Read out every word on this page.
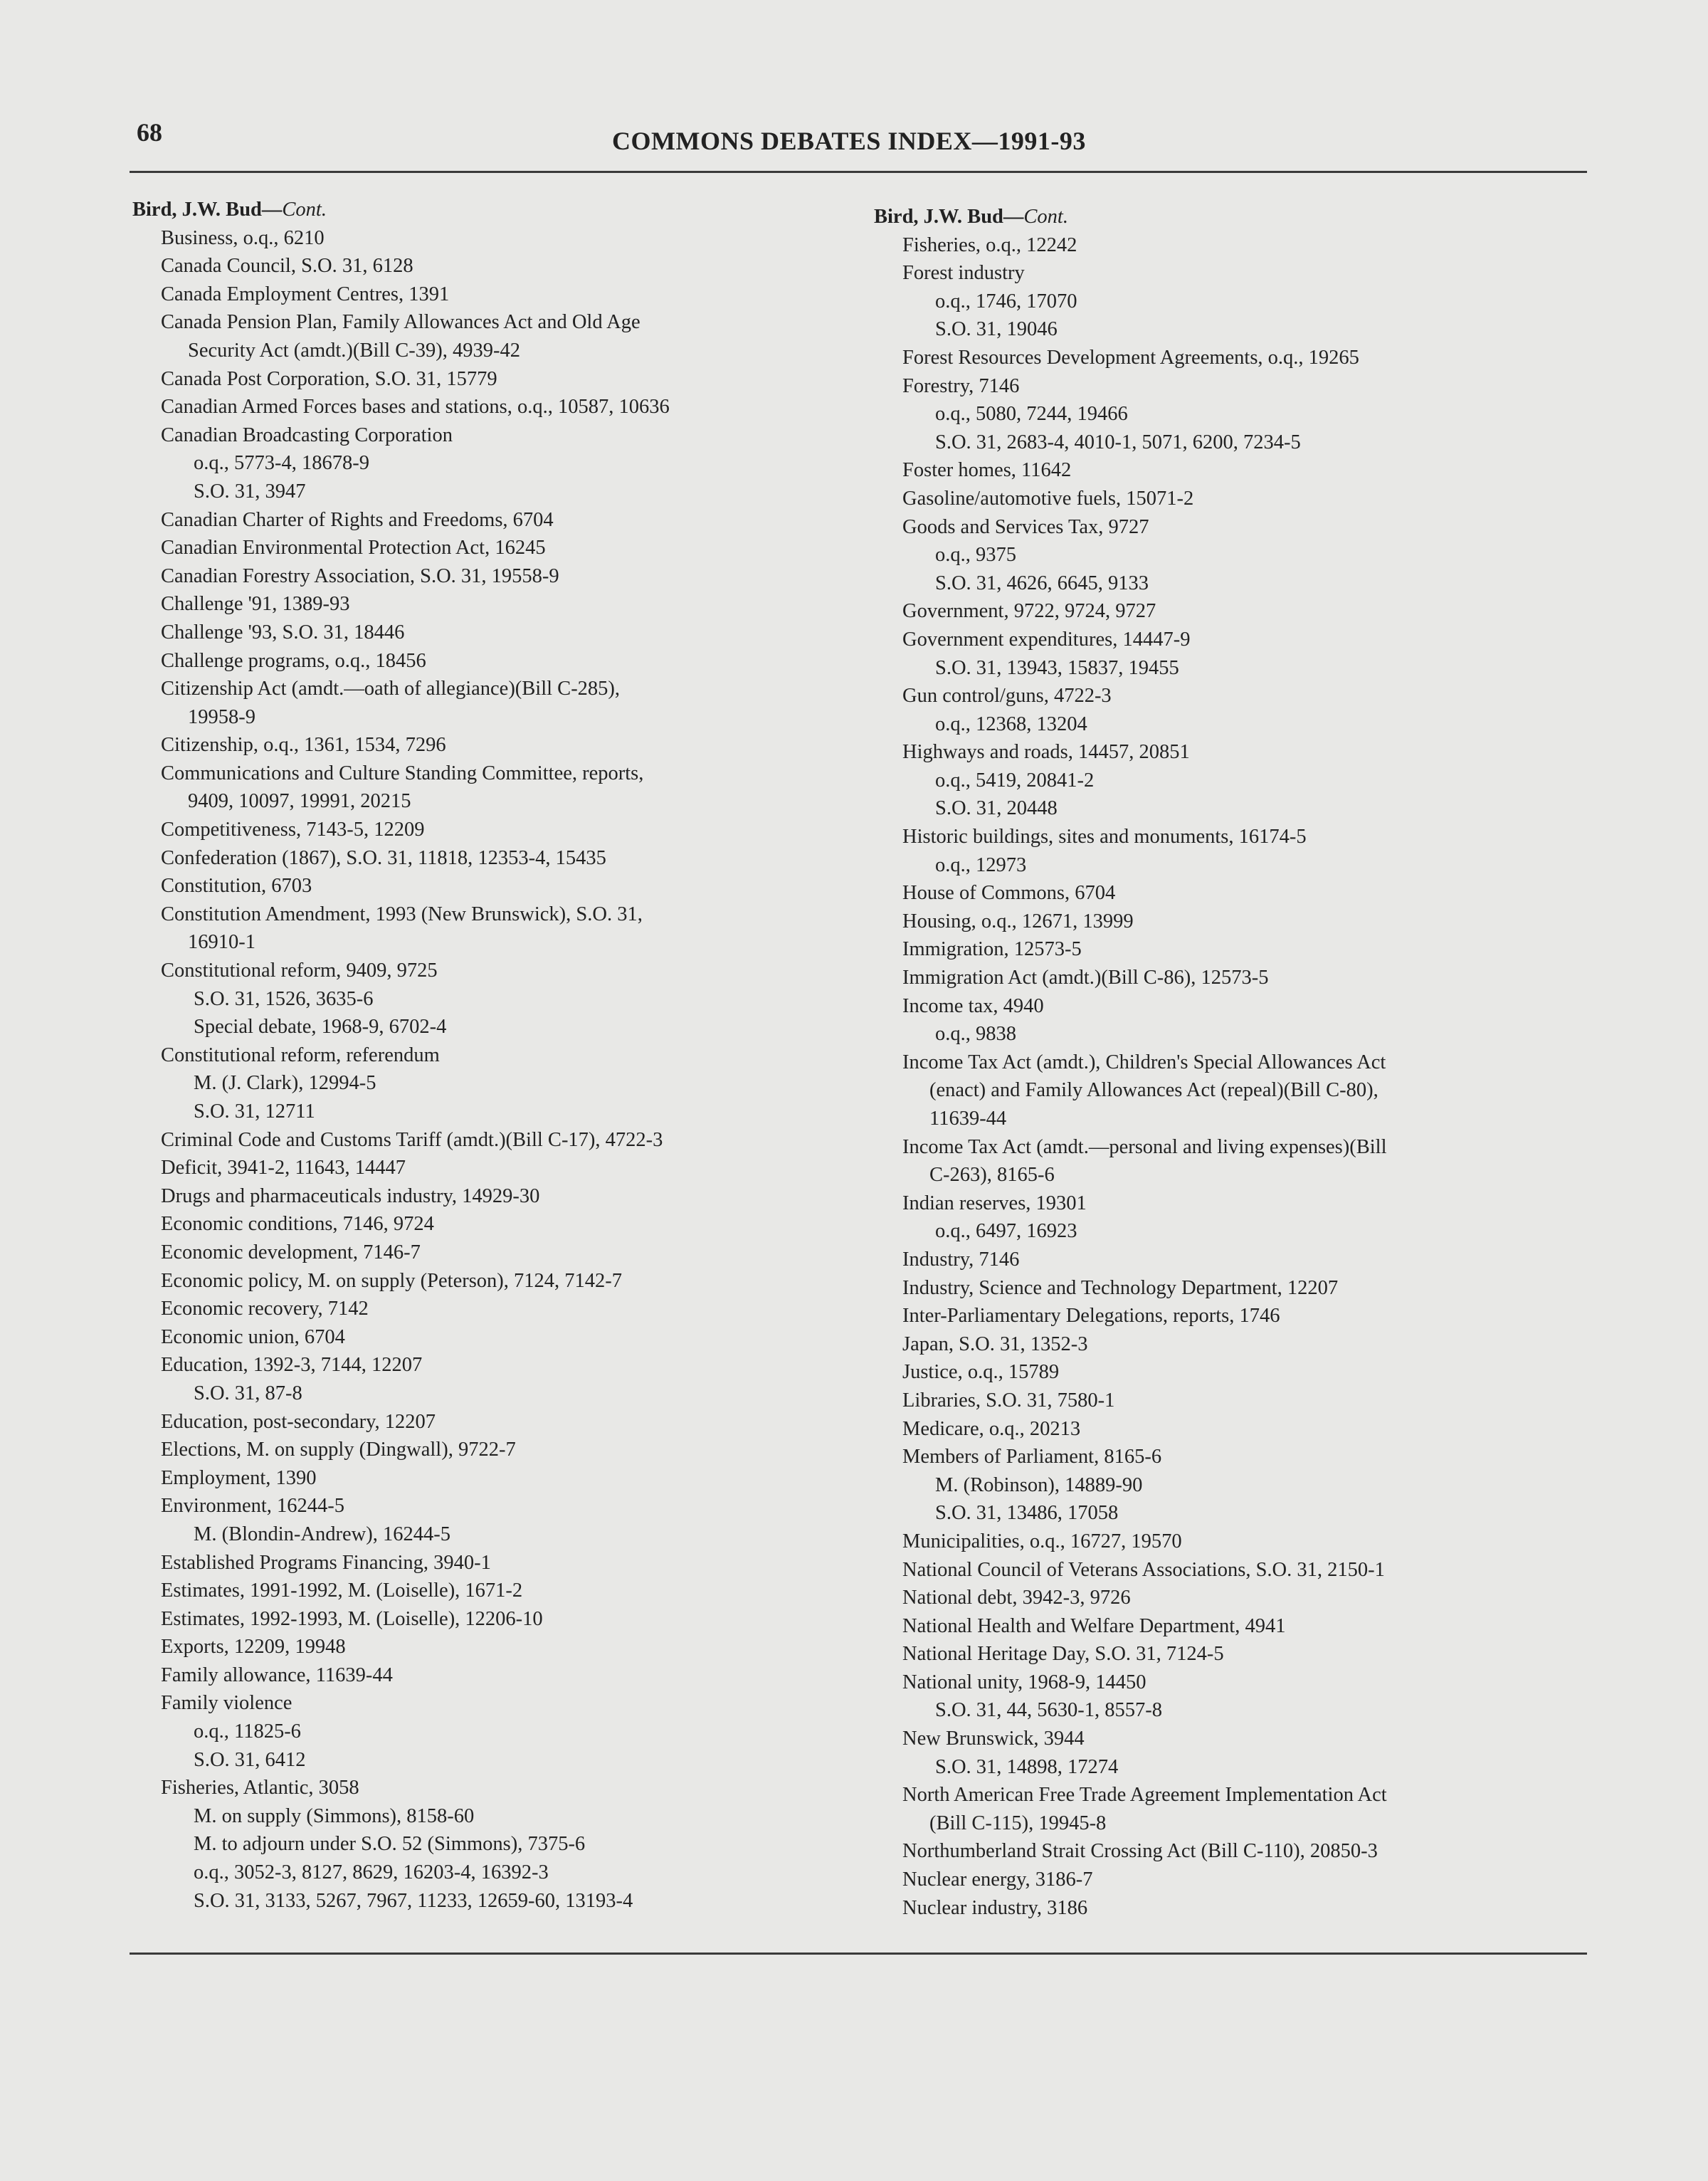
68	COMMONS DEBATES INDEX—1991-93
Bird, J.W. Bud—Cont.
Business, o.q., 6210
Canada Council, S.O. 31, 6128
Canada Employment Centres, 1391
Canada Pension Plan, Family Allowances Act and Old Age
Security Act (amdt.)(Bill C-39), 4939-42
Canada Post Corporation, S.O. 31, 15779
Canadian Armed Forces bases and stations, o.q., 10587, 10636
Canadian Broadcasting Corporation
o.q., 5773-4, 18678-9
S.O. 31, 3947
Canadian Charter of Rights and Freedoms, 6704
Canadian Environmental Protection Act, 16245
Canadian Forestry Association, S.O. 31, 19558-9
Challenge '91, 1389-93
Challenge '93, S.O. 31, 18446
Challenge programs, o.q., 18456
Citizenship Act (amdt.—oath of allegiance)(Bill C-285),
19958-9
Citizenship, o.q., 1361, 1534, 7296
Communications and Culture Standing Committee, reports,
9409, 10097, 19991, 20215
Competitiveness, 7143-5, 12209
Confederation (1867), S.O. 31, 11818, 12353-4, 15435
Constitution, 6703
Constitution Amendment, 1993 (New Brunswick), S.O. 31,
16910-1
Constitutional reform, 9409, 9725
S.O. 31, 1526, 3635-6
Special debate, 1968-9, 6702-4
Constitutional reform, referendum
M. (J. Clark), 12994-5
S.O. 31, 12711
Criminal Code and Customs Tariff (amdt.)(Bill C-17), 4722-3
Deficit, 3941-2, 11643, 14447
Drugs and pharmaceuticals industry, 14929-30
Economic conditions, 7146, 9724
Economic development, 7146-7
Economic policy, M. on supply (Peterson), 7124, 7142-7
Economic recovery, 7142
Economic union, 6704
Education, 1392-3, 7144, 12207
S.O. 31, 87-8
Education, post-secondary, 12207
Elections, M. on supply (Dingwall), 9722-7
Employment, 1390
Environment, 16244-5
M. (Blondin-Andrew), 16244-5
Established Programs Financing, 3940-1
Estimates, 1991-1992, M. (Loiselle), 1671-2
Estimates, 1992-1993, M. (Loiselle), 12206-10
Exports, 12209, 19948
Family allowance, 11639-44
Family violence
o.q., 11825-6
S.O. 31, 6412
Fisheries, Atlantic, 3058
M. on supply (Simmons), 8158-60
M. to adjourn under S.O. 52 (Simmons), 7375-6
o.q., 3052-3, 8127, 8629, 16203-4, 16392-3
S.O. 31, 3133, 5267, 7967, 11233, 12659-60, 13193-4
Bird, J.W. Bud—Cont.
Fisheries, o.q., 12242
Forest industry
o.q., 1746, 17070
S.O. 31, 19046
Forest Resources Development Agreements, o.q., 19265
Forestry, 7146
o.q., 5080, 7244, 19466
S.O. 31, 2683-4, 4010-1, 5071, 6200, 7234-5
Foster homes, 11642
Gasoline/automotive fuels, 15071-2
Goods and Services Tax, 9727
o.q., 9375
S.O. 31, 4626, 6645, 9133
Government, 9722, 9724, 9727
Government expenditures, 14447-9
S.O. 31, 13943, 15837, 19455
Gun control/guns, 4722-3
o.q., 12368, 13204
Highways and roads, 14457, 20851
o.q., 5419, 20841-2
S.O. 31, 20448
Historic buildings, sites and monuments, 16174-5
o.q., 12973
House of Commons, 6704
Housing, o.q., 12671, 13999
Immigration, 12573-5
Immigration Act (amdt.)(Bill C-86), 12573-5
Income tax, 4940
o.q., 9838
Income Tax Act (amdt.), Children's Special Allowances Act
(enact) and Family Allowances Act (repeal)(Bill C-80),
11639-44
Income Tax Act (amdt.—personal and living expenses)(Bill
C-263), 8165-6
Indian reserves, 19301
o.q., 6497, 16923
Industry, 7146
Industry, Science and Technology Department, 12207
Inter-Parliamentary Delegations, reports, 1746
Japan, S.O. 31, 1352-3
Justice, o.q., 15789
Libraries, S.O. 31, 7580-1
Medicare, o.q., 20213
Members of Parliament, 8165-6
M. (Robinson), 14889-90
S.O. 31, 13486, 17058
Municipalities, o.q., 16727, 19570
National Council of Veterans Associations, S.O. 31, 2150-1
National debt, 3942-3, 9726
National Health and Welfare Department, 4941
National Heritage Day, S.O. 31, 7124-5
National unity, 1968-9, 14450
S.O. 31, 44, 5630-1, 8557-8
New Brunswick, 3944
S.O. 31, 14898, 17274
North American Free Trade Agreement Implementation Act
(Bill C-115), 19945-8
Northumberland Strait Crossing Act (Bill C-110), 20850-3
Nuclear energy, 3186-7
Nuclear industry, 3186
